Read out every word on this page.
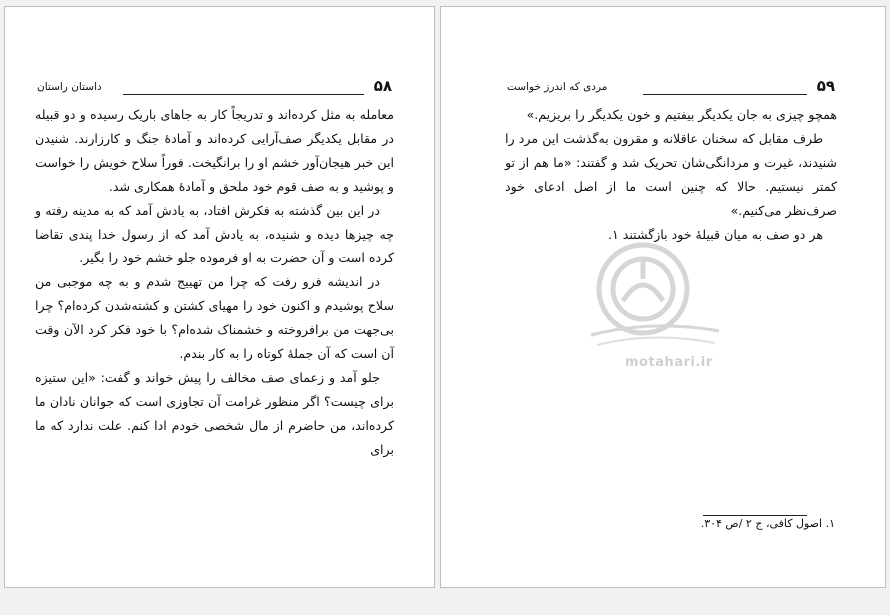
۵۸
داستان راستان

معامله به مثل کرده‌اند و تدریجاً کار به جاهای باریک رسیده و دو قبیله در مقابل یکدیگر صف‌آرایی کرده‌اند و آمادهٔ جنگ و کارزارند. شنیدن این خبر هیجان‌آور خشم او را برانگیخت. فوراً سلاح خویش را خواست و پوشید و به صف قوم خود ملحق و آمادهٔ همکاری شد.

در این بین گذشته به فکرش افتاد، به یادش آمد که به مدینه رفته و چه چیزها دیده و شنیده، به یادش آمد که از رسول خدا پندی تقاضا کرده است و آن حضرت به او فرموده جلو خشم خود را بگیر.

در اندیشه فرو رفت که چرا من تهییج شدم و به چه موجبی من سلاح پوشیدم و اکنون خود را مهیای کشتن و کشته‌شدن کرده‌ام؟ چرا بی‌جهت من برافروخته و خشمناک شده‌ام؟ با خود فکر کرد الآن وقت آن است که آن جملهٔ کوتاه را به کار بندم.

جلو آمد و زعمای صف مخالف را پیش خواند و گفت: «این ستیزه برای چیست؟ اگر منظور غرامت آن تجاوزی است که جوانان نادان ما کرده‌اند، من حاضرم از مال شخصی خودم ادا کنم. علت ندارد که ما برای

۵۹
مردی که اندرز خواست

همچو چیزی به جان یکدیگر بیفتیم و خون یکدیگر را بریزیم.»

طرف مقابل که سخنان عاقلانه و مقرون به‌گذشت این مرد را شنیدند، غیرت و مردانگی‌شان تحریک شد و گفتند: «ما هم از تو کمتر نیستیم. حالا که چنین است ما از اصل ادعای خود صرف‌نظر می‌کنیم.»

هر دو صف به میان قبیلهٔ خود بازگشتند ۱.

motahari.ir
۱. اصول کافی، ج ۲ /ص ۳۰۴.
